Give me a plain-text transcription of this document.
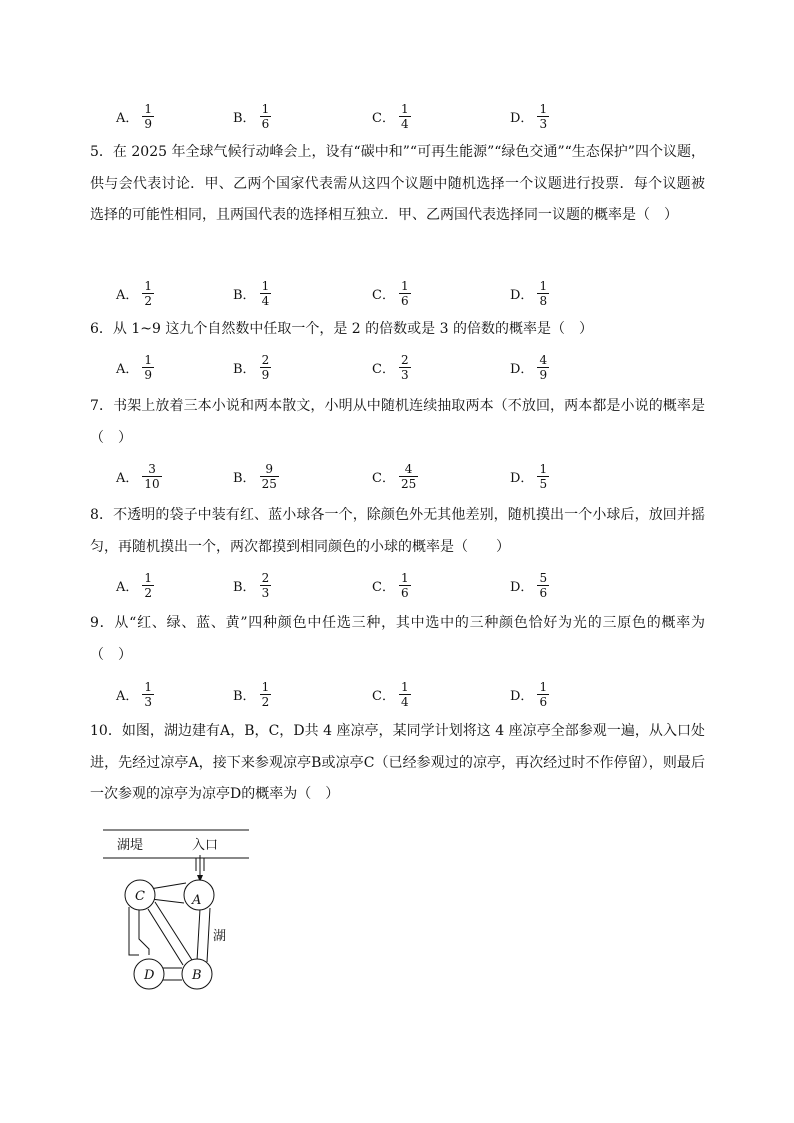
A． $\frac{1}{9}$	B． $\frac{1}{6}$	C． $\frac{1}{4}$	D． $\frac{1}{3}$
5．在 2025 年全球气候行动峰会上，设有“碳中和”“可再生能源”“绿色交通”“生态保护”四个议题，供与会代表讨论．甲、乙两个国家代表需从这四个议题中随机选择一个议题进行投票．每个议题被选择的可能性相同，且两国代表的选择相互独立．甲、乙两国代表选择同一议题的概率是（　）
A． $\frac{1}{2}$	B． $\frac{1}{4}$	C． $\frac{1}{6}$	D． $\frac{1}{8}$
6．从 1~9 这九个自然数中任取一个，是 2 的倍数或是 3 的倍数的概率是（　）
A． $\frac{1}{9}$	B． $\frac{2}{9}$	C． $\frac{2}{3}$	D． $\frac{4}{9}$
7．书架上放着三本小说和两本散文，小明从中随机连续抽取两本（不放回，两本都是小说的概率是（　）
A． $\frac{3}{10}$	B． $\frac{9}{25}$	C． $\frac{4}{25}$	D． $\frac{1}{5}$
8．不透明的袋子中装有红、蓝小球各一个，除颜色外无其他差别，随机摸出一个小球后，放回并摇匀，再随机摸出一个，两次都摸到相同颜色的小球的概率是（　　）
A． $\frac{1}{2}$	B． $\frac{2}{3}$	C． $\frac{1}{6}$	D． $\frac{5}{6}$
9．从“红、绿、蓝、黄”四种颜色中任选三种，其中选中的三种颜色恰好为光的三原色的概率为（　）
A． $\frac{1}{3}$	B． $\frac{1}{2}$	C． $\frac{1}{4}$	D． $\frac{1}{6}$
10．如图，湖边建有A，B，C，D共 4 座凉亭，某同学计划将这 4 座凉亭全部参观一遍，从入口处进，先经过凉亭A，接下来参观凉亭B或凉亭C（已经参观过的凉亭，再次经过时不作停留），则最后一次参观的凉亭为凉亭D的概率为（　）
湖堤	入口
C	A
D	B
湖
